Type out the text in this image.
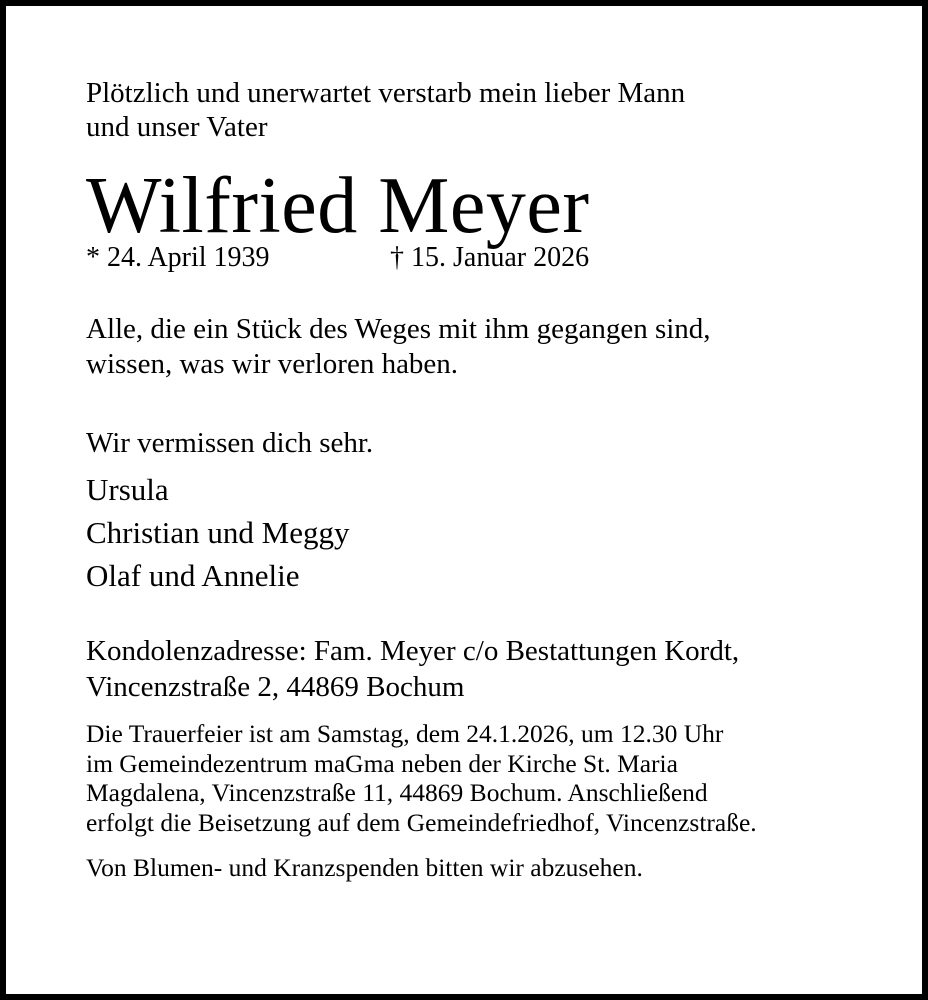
Plötzlich und unerwartet verstarb mein lieber Mann
und unser Vater
Wilfried Meyer
* 24. April 1939	† 15. Januar 2026
Alle, die ein Stück des Weges mit ihm gegangen sind,
wissen, was wir verloren haben.
Wir vermissen dich sehr.
Ursula
Christian und Meggy
Olaf und Annelie
Kondolenzadresse: Fam. Meyer c/o Bestattungen Kordt,
Vincenzstraße 2, 44869 Bochum
Die Trauerfeier ist am Samstag, dem 24.1.2026, um 12.30 Uhr
im Gemeindezentrum maGma neben der Kirche St. Maria
Magdalena, Vincenzstraße 11, 44869 Bochum. Anschließend
erfolgt die Beisetzung auf dem Gemeindefriedhof, Vincenzstraße.
Von Blumen- und Kranzspenden bitten wir abzusehen.
